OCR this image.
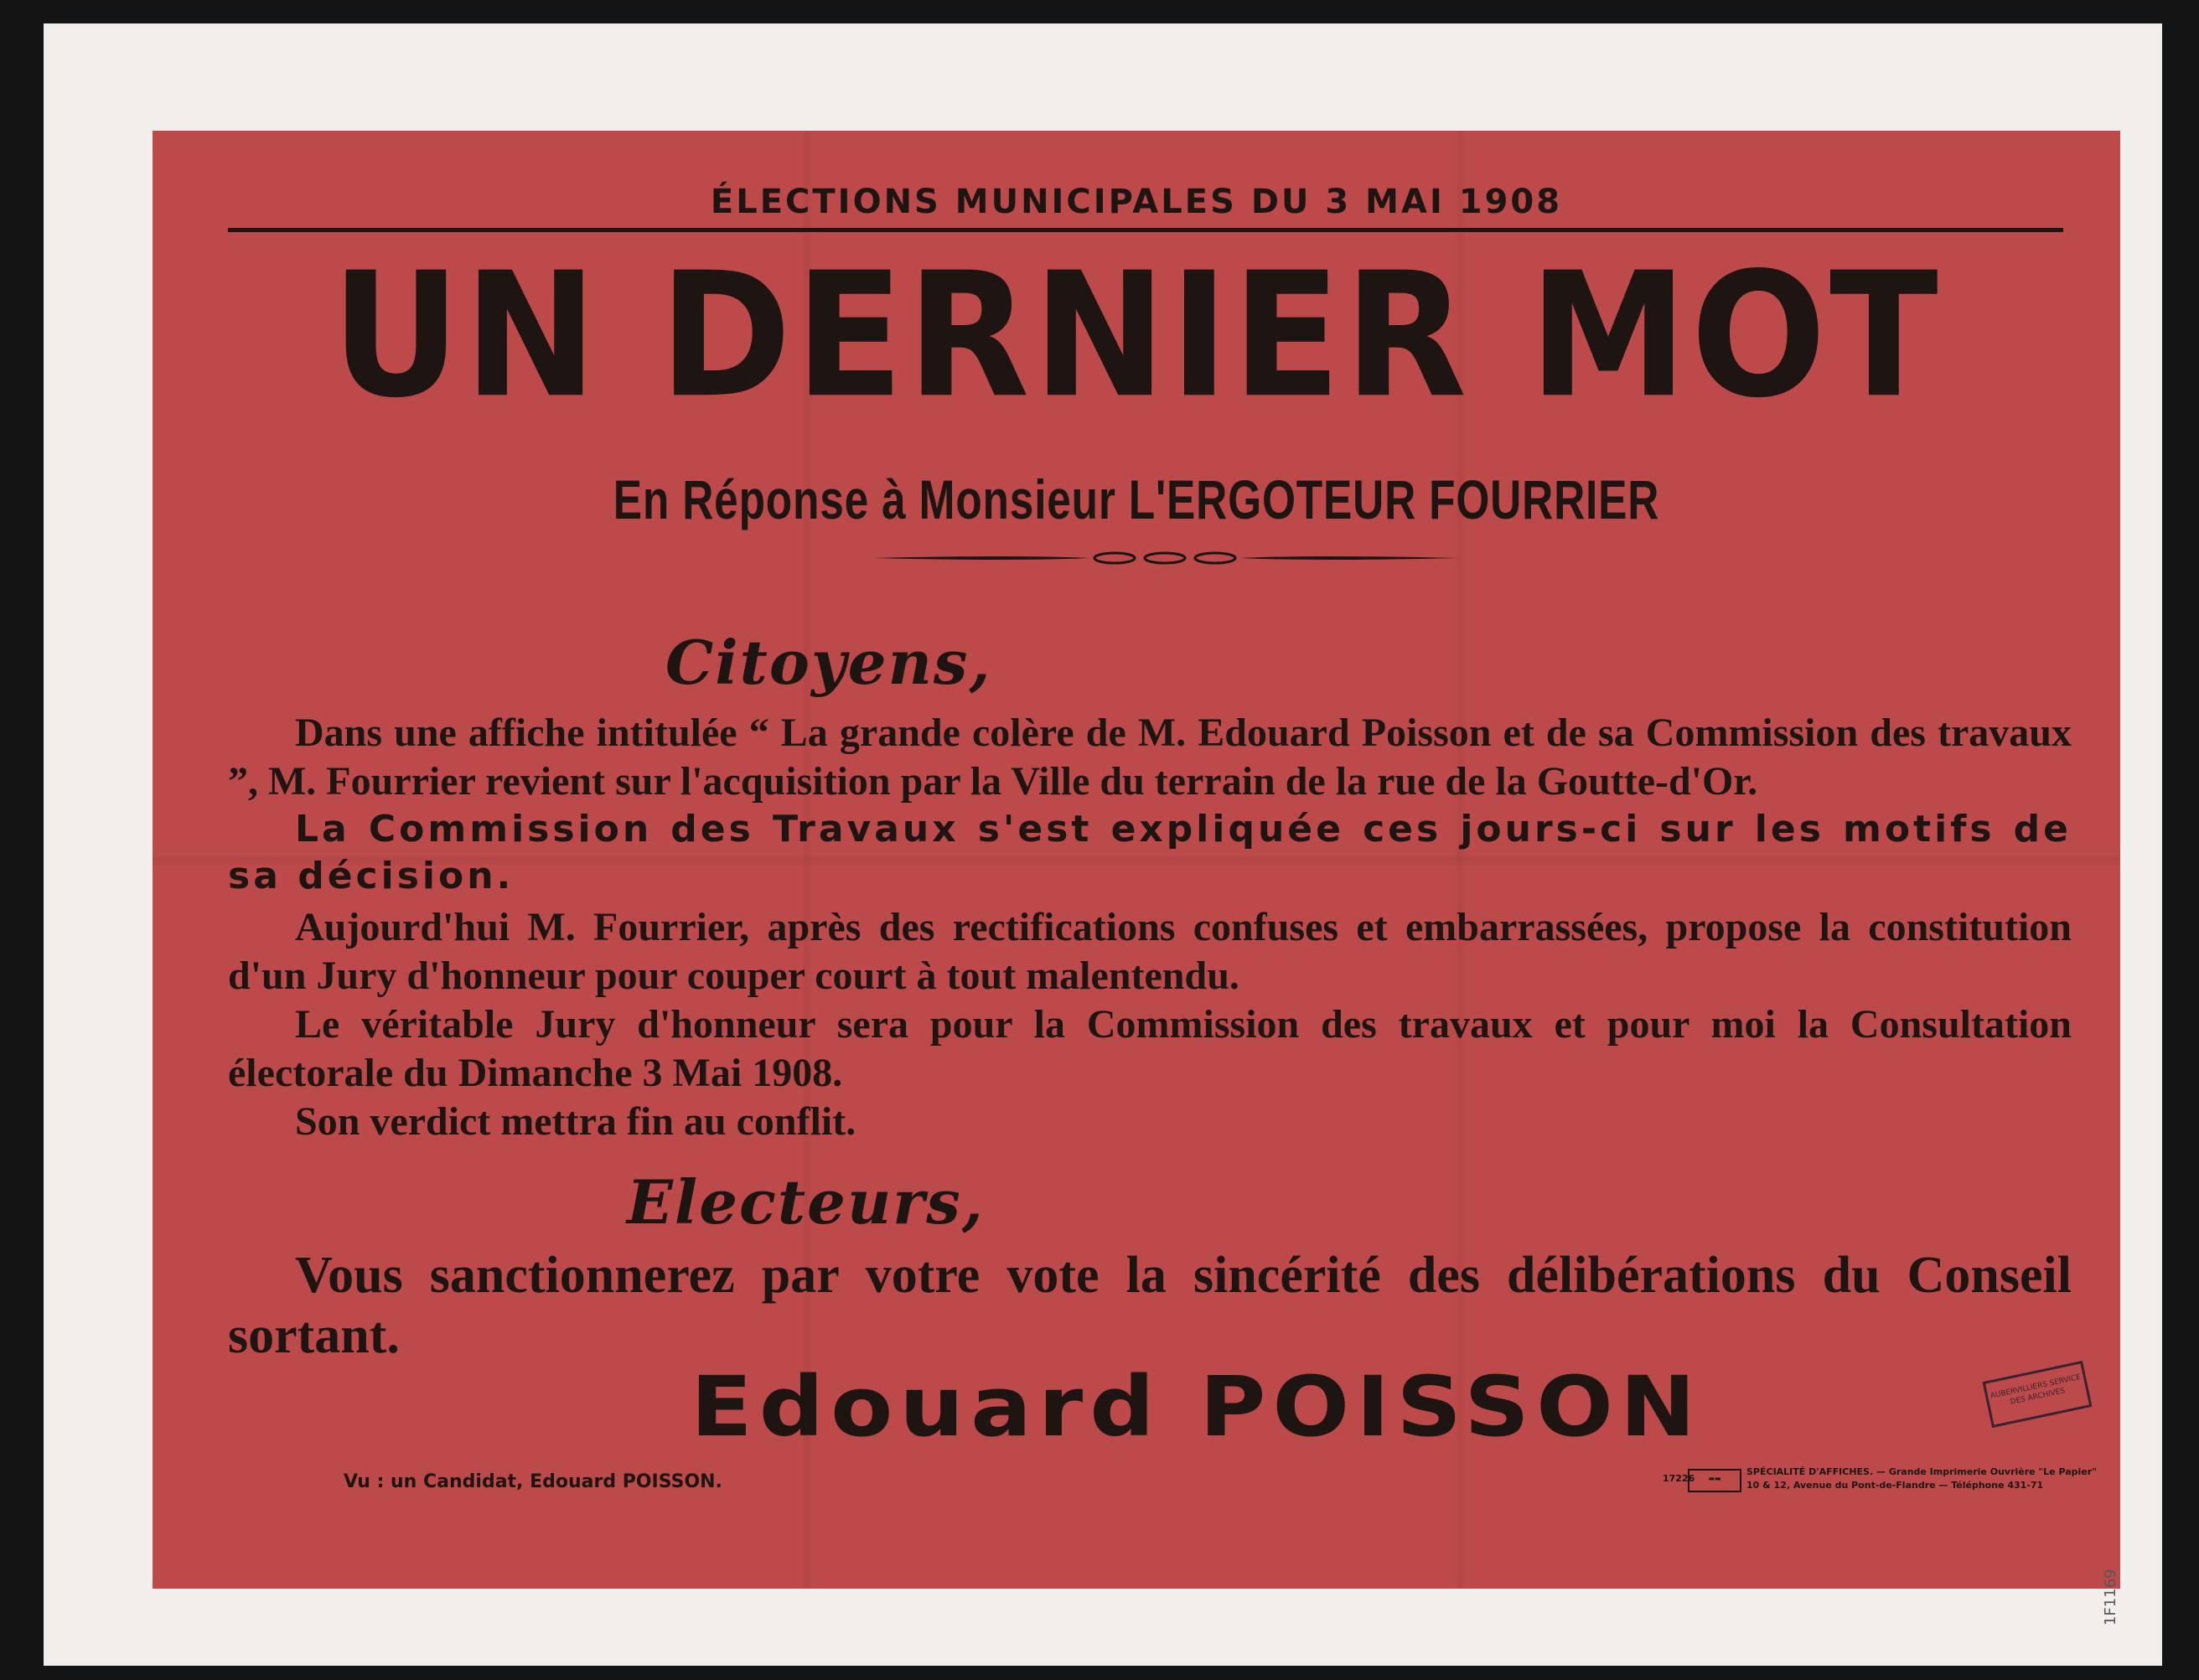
ÉLECTIONS MUNICIPALES DU 3 MAI 1908
UN DERNIER MOT
En Réponse à Monsieur L'ERGOTEUR FOURRIER
Citoyens,

Dans une affiche intitulée “ La grande colère de M. Edouard Poisson et de sa Commission des travaux ”, M. Fourrier revient sur l'acquisition par la Ville du terrain de la rue de la Goutte-d'Or.

La Commission des Travaux s'est expliquée ces jours-ci sur les motifs de sa décision.

Aujourd'hui M. Fourrier, après des rectifications confuses et embarrassées, propose la constitution d'un Jury d'honneur pour couper court à tout malentendu.

Le véritable Jury d'honneur sera pour la Commission des travaux et pour moi la Consultation électorale du Dimanche 3 Mai 1908.

Son verdict mettra fin au conflit.

Electeurs,

Vous sanctionnerez par votre vote la sincérité des délibérations du Conseil sortant.

Edouard POISSON	AUBERVILLIERS SERVICE DES ARCHIVES
Vu : un Candidat, Edouard POISSON.	17226	▬▬
SPÉCIALITÉ D'AFFICHES. — Grande Imprimerie Ouvrière "Le Papier"
10 & 12, Avenue du Pont-de-Flandre — Téléphone 431-71
1F1169
